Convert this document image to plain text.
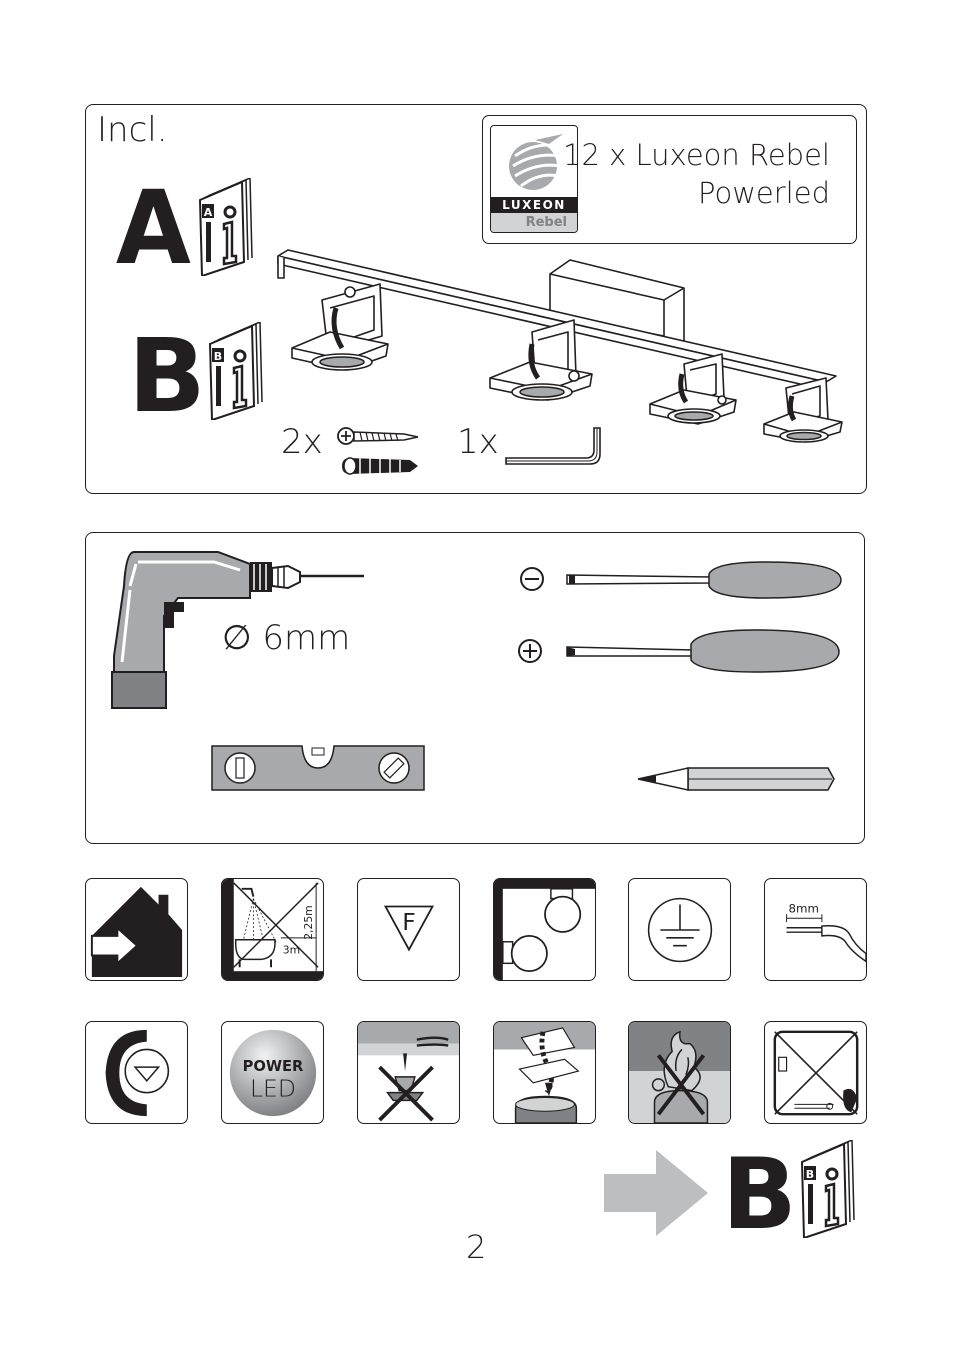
Incl.
A A
B B
LUXEON
Rebel
12 x Luxeon Rebel
Powerled
2x	1x
∅ 6mm
2,25m
3m
F	8mm
POWER
LED
B B
2
